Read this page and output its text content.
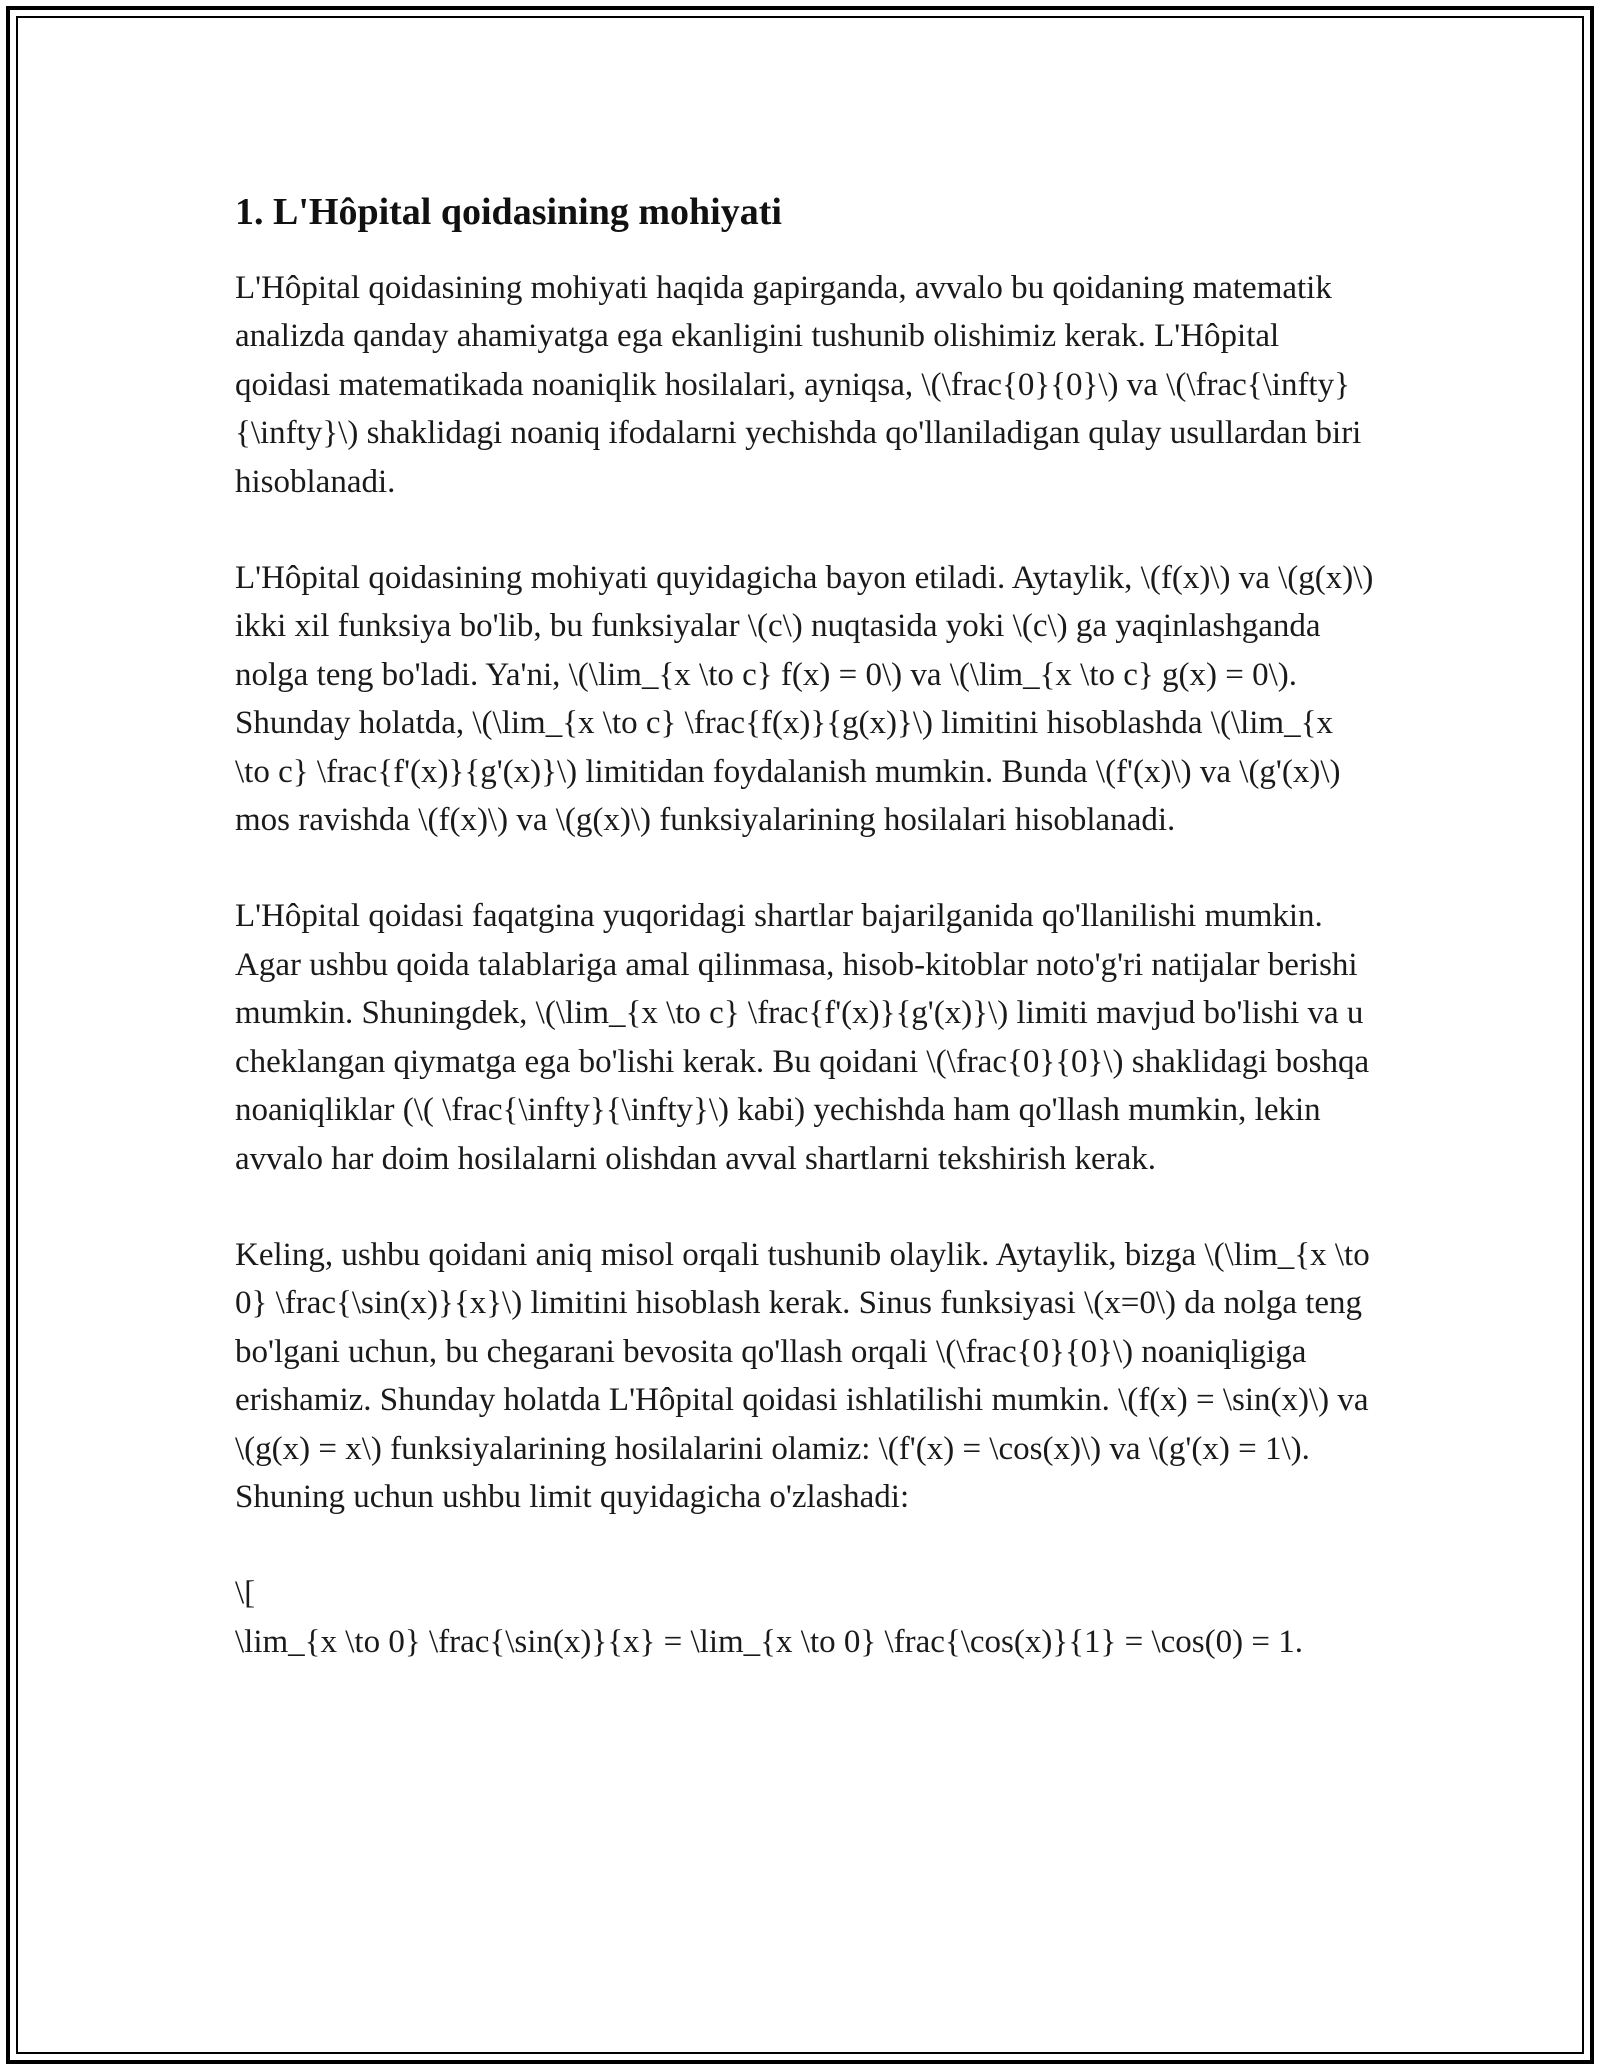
1. L'Hôpital qoidasining mohiyati

L'Hôpital qoidasining mohiyati haqida gapirganda, avvalo bu qoidaning matematik analizda qanday ahamiyatga ega ekanligini tushunib olishimiz kerak. L'Hôpital qoidasi matematikada noaniqlik hosilalari, ayniqsa, \(\frac{0}{0}\) va \(\frac{\infty}{\infty}\) shaklidagi noaniq ifodalarni yechishda qo'llaniladigan qulay usullardan biri hisoblanadi.

L'Hôpital qoidasining mohiyati quyidagicha bayon etiladi. Aytaylik, \(f(x)\) va \(g(x)\) ikki xil funksiya bo'lib, bu funksiyalar \(c\) nuqtasida yoki \(c\) ga yaqinlashganda nolga teng bo'ladi. Ya'ni, \(\lim_{x \to c} f(x) = 0\) va \(\lim_{x \to c} g(x) = 0\). Shunday holatda, \(\lim_{x \to c} \frac{f(x)}{g(x)}\) limitini hisoblashda \(\lim_{x \to c} \frac{f'(x)}{g'(x)}\) limitidan foydalanish mumkin. Bunda \(f'(x)\) va \(g'(x)\) mos ravishda \(f(x)\) va \(g(x)\) funksiyalarining hosilalari hisoblanadi.

L'Hôpital qoidasi faqatgina yuqoridagi shartlar bajarilganida qo'llanilishi mumkin. Agar ushbu qoida talablariga amal qilinmasa, hisob-kitoblar noto'g'ri natijalar berishi mumkin. Shuningdek, \(\lim_{x \to c} \frac{f'(x)}{g'(x)}\) limiti mavjud bo'lishi va u cheklangan qiymatga ega bo'lishi kerak. Bu qoidani \(\frac{0}{0}\) shaklidagi boshqa noaniqliklar (\( \frac{\infty}{\infty}\) kabi) yechishda ham qo'llash mumkin, lekin avvalo har doim hosilalarni olishdan avval shartlarni tekshirish kerak.

Keling, ushbu qoidani aniq misol orqali tushunib olaylik. Aytaylik, bizga \(\lim_{x \to 0} \frac{\sin(x)}{x}\) limitini hisoblash kerak. Sinus funksiyasi \(x=0\) da nolga teng bo'lgani uchun, bu chegarani bevosita qo'llash orqali \(\frac{0}{0}\) noaniqligiga erishamiz. Shunday holatda L'Hôpital qoidasi ishlatilishi mumkin. \(f(x) = \sin(x)\) va \(g(x) = x\) funksiyalarining hosilalarini olamiz: \(f'(x) = \cos(x)\) va \(g'(x) = 1\). Shuning uchun ushbu limit quyidagicha o'zlashadi:

\[

\lim_{x \to 0} \frac{\sin(x)}{x} = \lim_{x \to 0} \frac{\cos(x)}{1} = \cos(0) = 1.
